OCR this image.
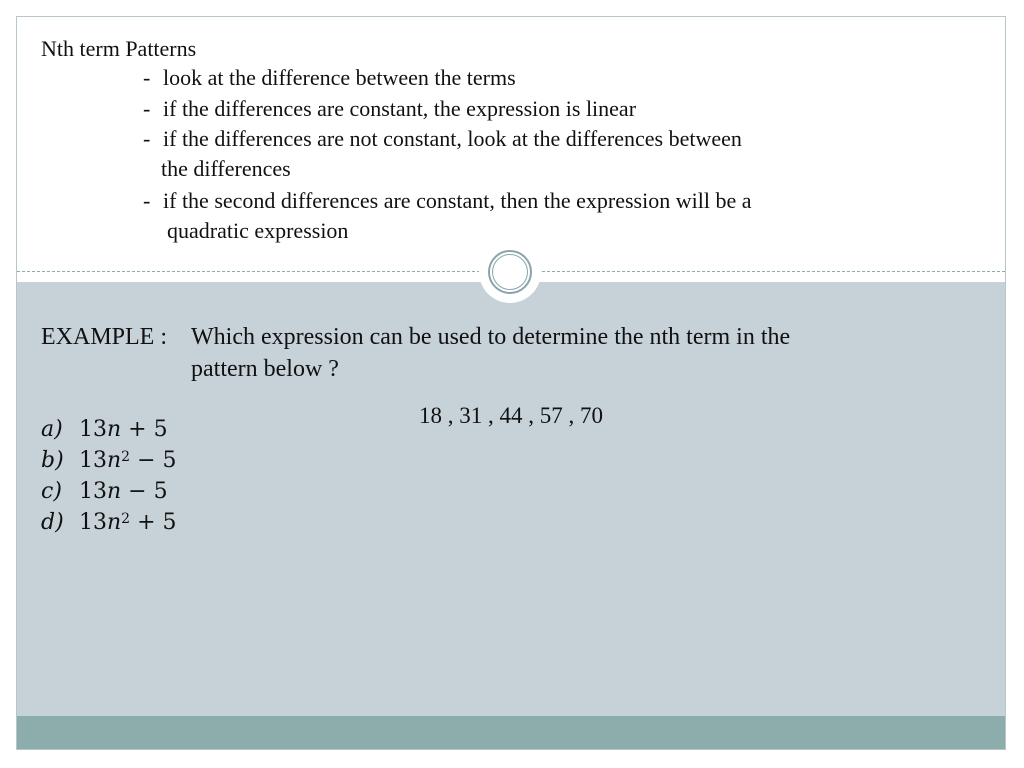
Nth term Patterns
- look at the difference between the terms
- if the differences are constant, the expression is linear
- if the differences are not constant, look at the differences between
the differences
- if the second differences are constant, then the expression will be a
quadratic expression
EXAMPLE : Which expression can be used to determine the nth term in the
pattern below ?
18 , 31 , 44 , 57 , 70
a) 13n + 5
b) $13n^2 - 5$
c) 13n − 5
d) $13n^2 + 5$
